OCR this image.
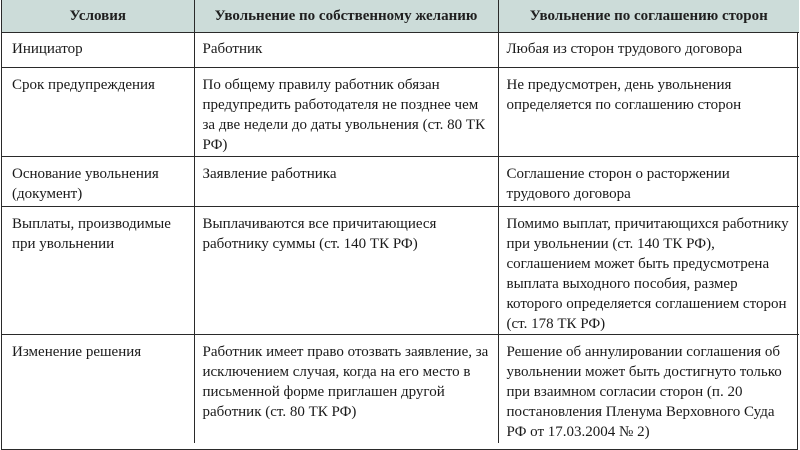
Условия	Увольнение по собственному желанию	Увольнение по соглашению сторон
Инициатор	Работник	Любая из сторон трудового договора
Срок предупреждения	По общему правилу работник обязан предупредить работодателя не позднее чем за две недели до даты увольнения (ст. 80 ТК РФ)	Не предусмотрен, день увольнения определяется по соглашению сторон
Основание увольнения (документ)	Заявление работника	Соглашение сторон о расторжении трудового договора
Выплаты, производимые при увольнении	Выплачиваются все причитающиеся работнику суммы (ст. 140 ТК РФ)	Помимо выплат, причитающихся работнику при увольнении (ст. 140 ТК РФ), соглашением может быть предусмотрена выплата выходного пособия, размер которого определяется соглашением сторон (ст. 178 ТК РФ)
Изменение решения	Работник имеет право отозвать заявление, за исключением случая, когда на его место в письменной форме приглашен другой работник (ст. 80 ТК РФ)	Решение об аннулировании соглашения об увольнении может быть достигнуто только при взаимном согласии сторон (п. 20 постановления Пленума Верховного Суда РФ от 17.03.2004 № 2)
